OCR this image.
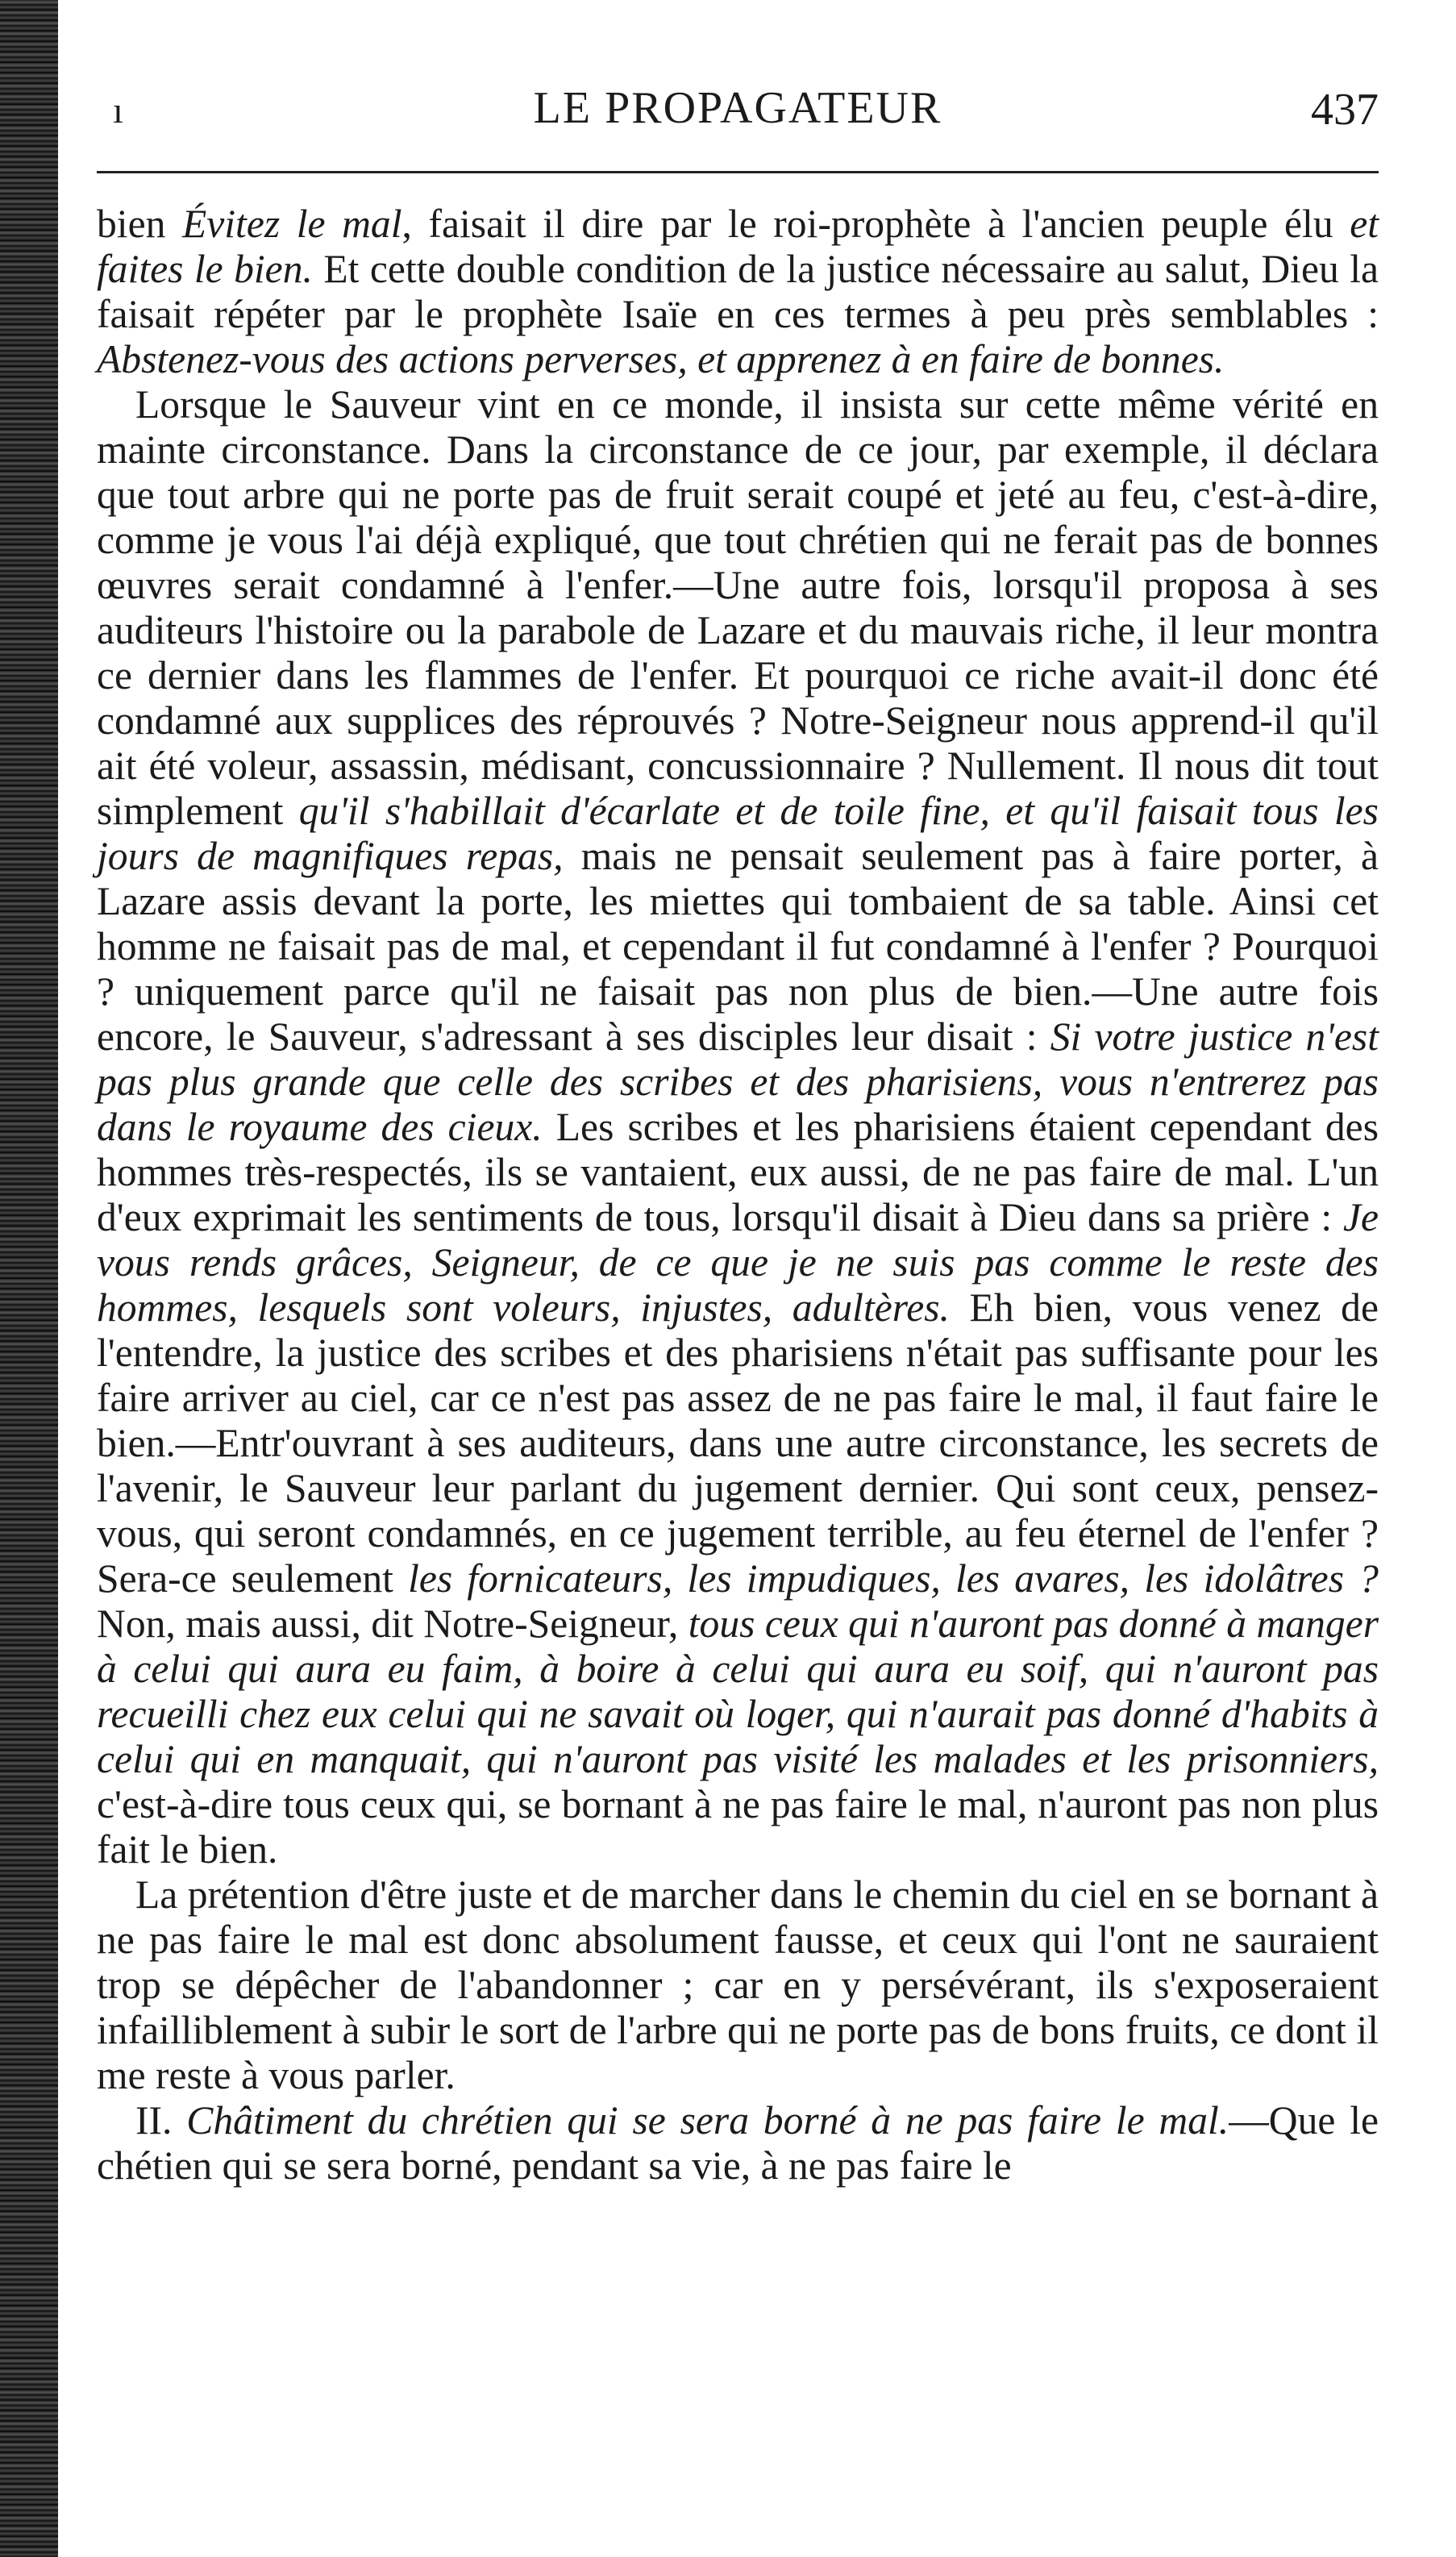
ı	LE PROPAGATEUR	437

bien Évitez le mal, faisait il dire par le roi-prophète à l'ancien peuple élu et faites le bien. Et cette double condition de la justice nécessaire au salut, Dieu la faisait répéter par le prophète Isaïe en ces termes à peu près semblables : Abstenez-vous des actions perverses, et apprenez à en faire de bonnes.

Lorsque le Sauveur vint en ce monde, il insista sur cette même vérité en mainte circonstance. Dans la circonstance de ce jour, par exemple, il déclara que tout arbre qui ne porte pas de fruit serait coupé et jeté au feu, c'est-à-dire, comme je vous l'ai déjà expliqué, que tout chrétien qui ne ferait pas de bonnes œuvres serait condamné à l'enfer.—Une autre fois, lorsqu'il proposa à ses auditeurs l'histoire ou la parabole de Lazare et du mauvais riche, il leur montra ce dernier dans les flammes de l'enfer. Et pourquoi ce riche avait-il donc été condamné aux supplices des réprouvés ? Notre-Seigneur nous apprend-il qu'il ait été voleur, assassin, médisant, concussionnaire ? Nullement. Il nous dit tout simplement qu'il s'habillait d'écarlate et de toile fine, et qu'il faisait tous les jours de magnifiques repas, mais ne pensait seulement pas à faire porter, à Lazare assis devant la porte, les miettes qui tombaient de sa table. Ainsi cet homme ne faisait pas de mal, et cependant il fut condamné à l'enfer ? Pourquoi ? uniquement parce qu'il ne faisait pas non plus de bien.—Une autre fois encore, le Sauveur, s'adressant à ses disciples leur disait : Si votre justice n'est pas plus grande que celle des scribes et des pharisiens, vous n'entrerez pas dans le royaume des cieux. Les scribes et les pharisiens étaient cependant des hommes très-respectés, ils se vantaient, eux aussi, de ne pas faire de mal. L'un d'eux exprimait les sentiments de tous, lorsqu'il disait à Dieu dans sa prière : Je vous rends grâces, Seigneur, de ce que je ne suis pas comme le reste des hommes, lesquels sont voleurs, injustes, adultères. Eh bien, vous venez de l'entendre, la justice des scribes et des pharisiens n'était pas suffisante pour les faire arriver au ciel, car ce n'est pas assez de ne pas faire le mal, il faut faire le bien.—Entr'ouvrant à ses auditeurs, dans une autre circonstance, les secrets de l'avenir, le Sauveur leur parlant du jugement dernier. Qui sont ceux, pensez-vous, qui seront condamnés, en ce jugement terrible, au feu éternel de l'enfer ? Sera-ce seulement les fornicateurs, les impudiques, les avares, les idolâtres ? Non, mais aussi, dit Notre-Seigneur, tous ceux qui n'auront pas donné à manger à celui qui aura eu faim, à boire à celui qui aura eu soif, qui n'auront pas recueilli chez eux celui qui ne savait où loger, qui n'aurait pas donné d'habits à celui qui en manquait, qui n'auront pas visité les malades et les prisonniers, c'est-à-dire tous ceux qui, se bornant à ne pas faire le mal, n'auront pas non plus fait le bien.

La prétention d'être juste et de marcher dans le chemin du ciel en se bornant à ne pas faire le mal est donc absolument fausse, et ceux qui l'ont ne sauraient trop se dépêcher de l'abandonner ; car en y persévérant, ils s'exposeraient infailliblement à subir le sort de l'arbre qui ne porte pas de bons fruits, ce dont il me reste à vous parler.

II. Châtiment du chrétien qui se sera borné à ne pas faire le mal.—Que le chétien qui se sera borné, pendant sa vie, à ne pas faire le
